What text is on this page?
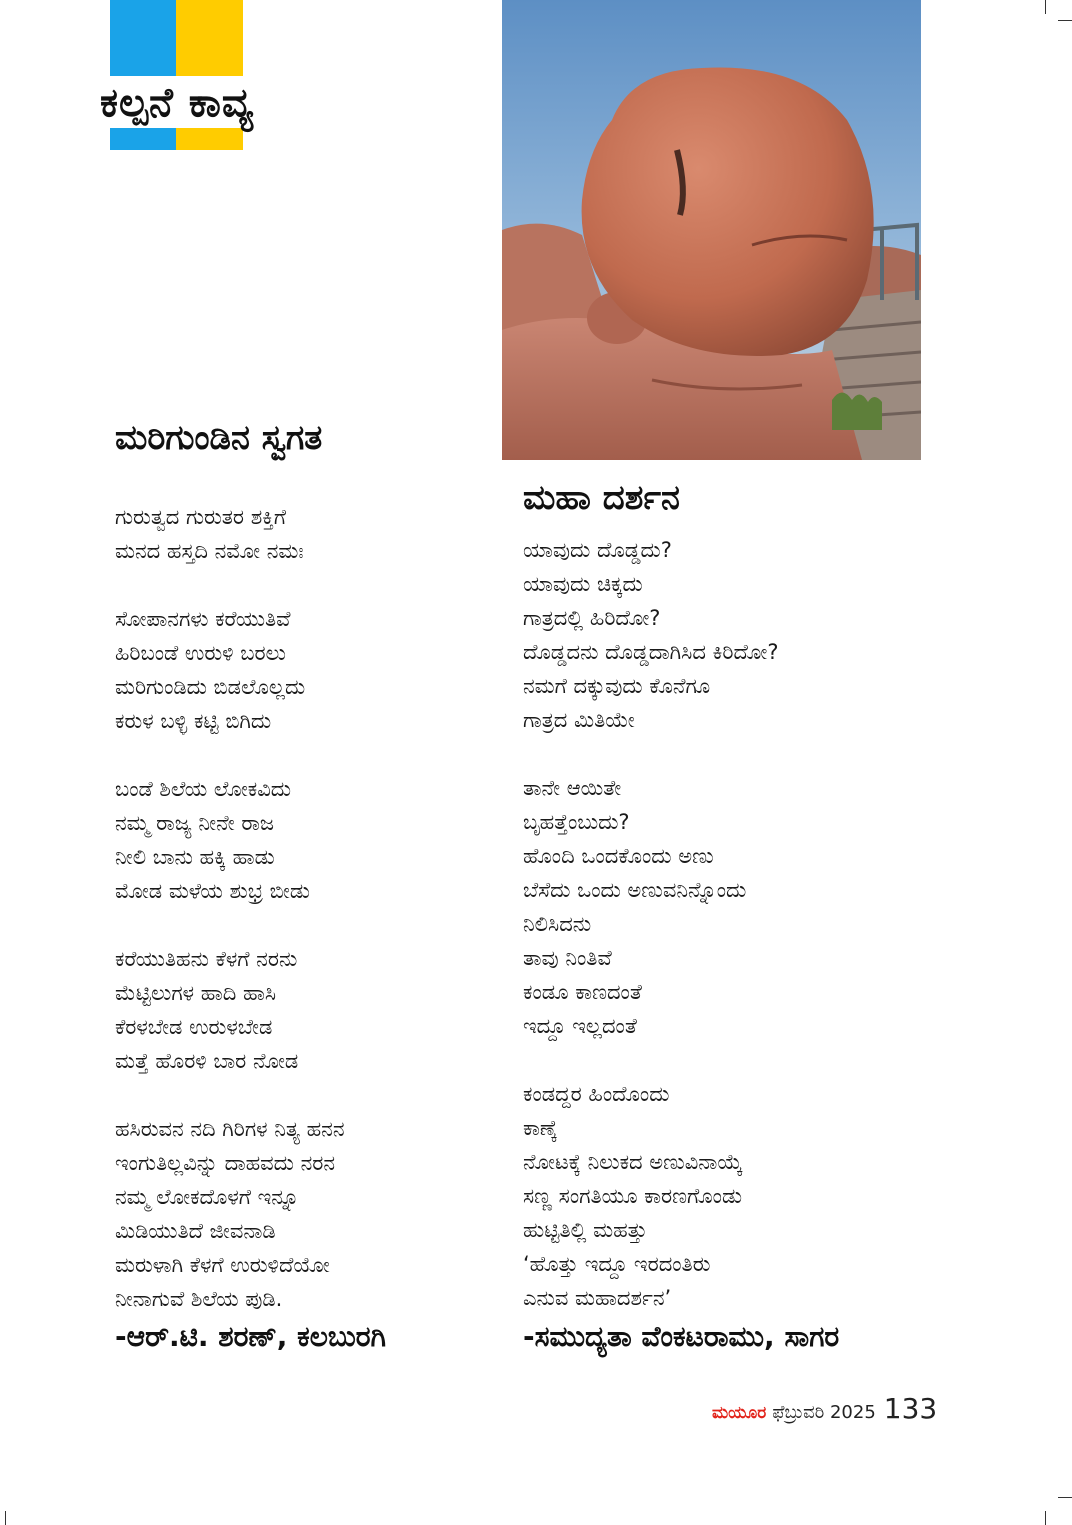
ಕಲ್ಪನೆ ಕಾವ್ಯ
ಮರಿಗುಂಡಿನ ಸ್ವಗತ
ಗುರುತ್ವದ ಗುರುತರ ಶಕ್ತಿಗೆ
ಮನದ ಹಸ್ತದಿ ನಮೋ ನಮಃ
ಸೋಪಾನಗಳು ಕರೆಯುತಿವೆ
ಹಿರಿಬಂಡೆ ಉರುಳಿ ಬರಲು
ಮರಿಗುಂಡಿದು ಬಿಡಲೊಲ್ಲದು
ಕರುಳ ಬಳ್ಳಿ ಕಟ್ಟಿ ಬಿಗಿದು
ಬಂಡೆ ಶಿಲೆಯ ಲೋಕವಿದು
ನಮ್ಮ ರಾಜ್ಯ ನೀನೇ ರಾಜ
ನೀಲಿ ಬಾನು ಹಕ್ಕಿ ಹಾಡು
ಮೋಡ ಮಳೆಯ ಶುಭ್ರ ಬೀಡು
ಕರೆಯುತಿಹನು ಕೆಳಗೆ ನರನು
ಮೆಟ್ಟಿಲುಗಳ ಹಾದಿ ಹಾಸಿ
ಕೆರಳಬೇಡ ಉರುಳಬೇಡ
ಮತ್ತೆ ಹೊರಳಿ ಬಾರ ನೋಡ
ಹಸಿರುವನ ನದಿ ಗಿರಿಗಳ ನಿತ್ಯ ಹನನ
ಇಂಗುತಿಲ್ಲವಿನ್ನು ದಾಹವದು ನರನ
ನಮ್ಮ ಲೋಕದೊಳಗೆ ಇನ್ನೂ
ಮಿಡಿಯುತಿದೆ ಜೀವನಾಡಿ
ಮರುಳಾಗಿ ಕೆಳಗೆ ಉರುಳಿದೆಯೋ
ನೀನಾಗುವೆ ಶಿಲೆಯ ಪುಡಿ.
-ಆರ್.ಟಿ. ಶರಣ್, ಕಲಬುರಗಿ
ಮಹಾ ದರ್ಶನ
ಯಾವುದು ದೊಡ್ಡದು?
ಯಾವುದು ಚಿಕ್ಕದು
ಗಾತ್ರದಲ್ಲಿ ಹಿರಿದೋ?
ದೊಡ್ಡದನು ದೊಡ್ಡದಾಗಿಸಿದ ಕಿರಿದೋ?
ನಮಗೆ ದಕ್ಕುವುದು ಕೊನೆಗೂ
ಗಾತ್ರದ ಮಿತಿಯೇ
ತಾನೇ ಆಯಿತೇ
ಬೃಹತ್ತೆಂಬುದು?
ಹೊಂದಿ ಒಂದಕೊಂದು ಅಣು
ಬೆಸೆದು ಒಂದು ಅಣುವನಿನ್ನೊಂದು
ನಿಲಿಸಿದನು
ತಾವು ನಿಂತಿವೆ
ಕಂಡೂ ಕಾಣದಂತೆ
ಇದ್ದೂ ಇಲ್ಲದಂತೆ
ಕಂಡದ್ದರ ಹಿಂದೊಂದು
ಕಾಣ್ಕೆ
ನೋಟಕ್ಕೆ ನಿಲುಕದ ಅಣುವಿನಾಯ್ಕೆ
ಸಣ್ಣ ಸಂಗತಿಯೂ ಕಾರಣಗೊಂಡು
ಹುಟ್ಟಿತಿಲ್ಲಿ ಮಹತ್ತು
‘ಹೊತ್ತು ಇದ್ದೂ ಇರದಂತಿರು
ಎನುವ ಮಹಾದರ್ಶನ’
-ಸಮುದ್ಯತಾ ವೆಂಕಟರಾಮು, ಸಾಗರ
ಮಯೂರ ಫೆಬ್ರುವರಿ 2025 133
